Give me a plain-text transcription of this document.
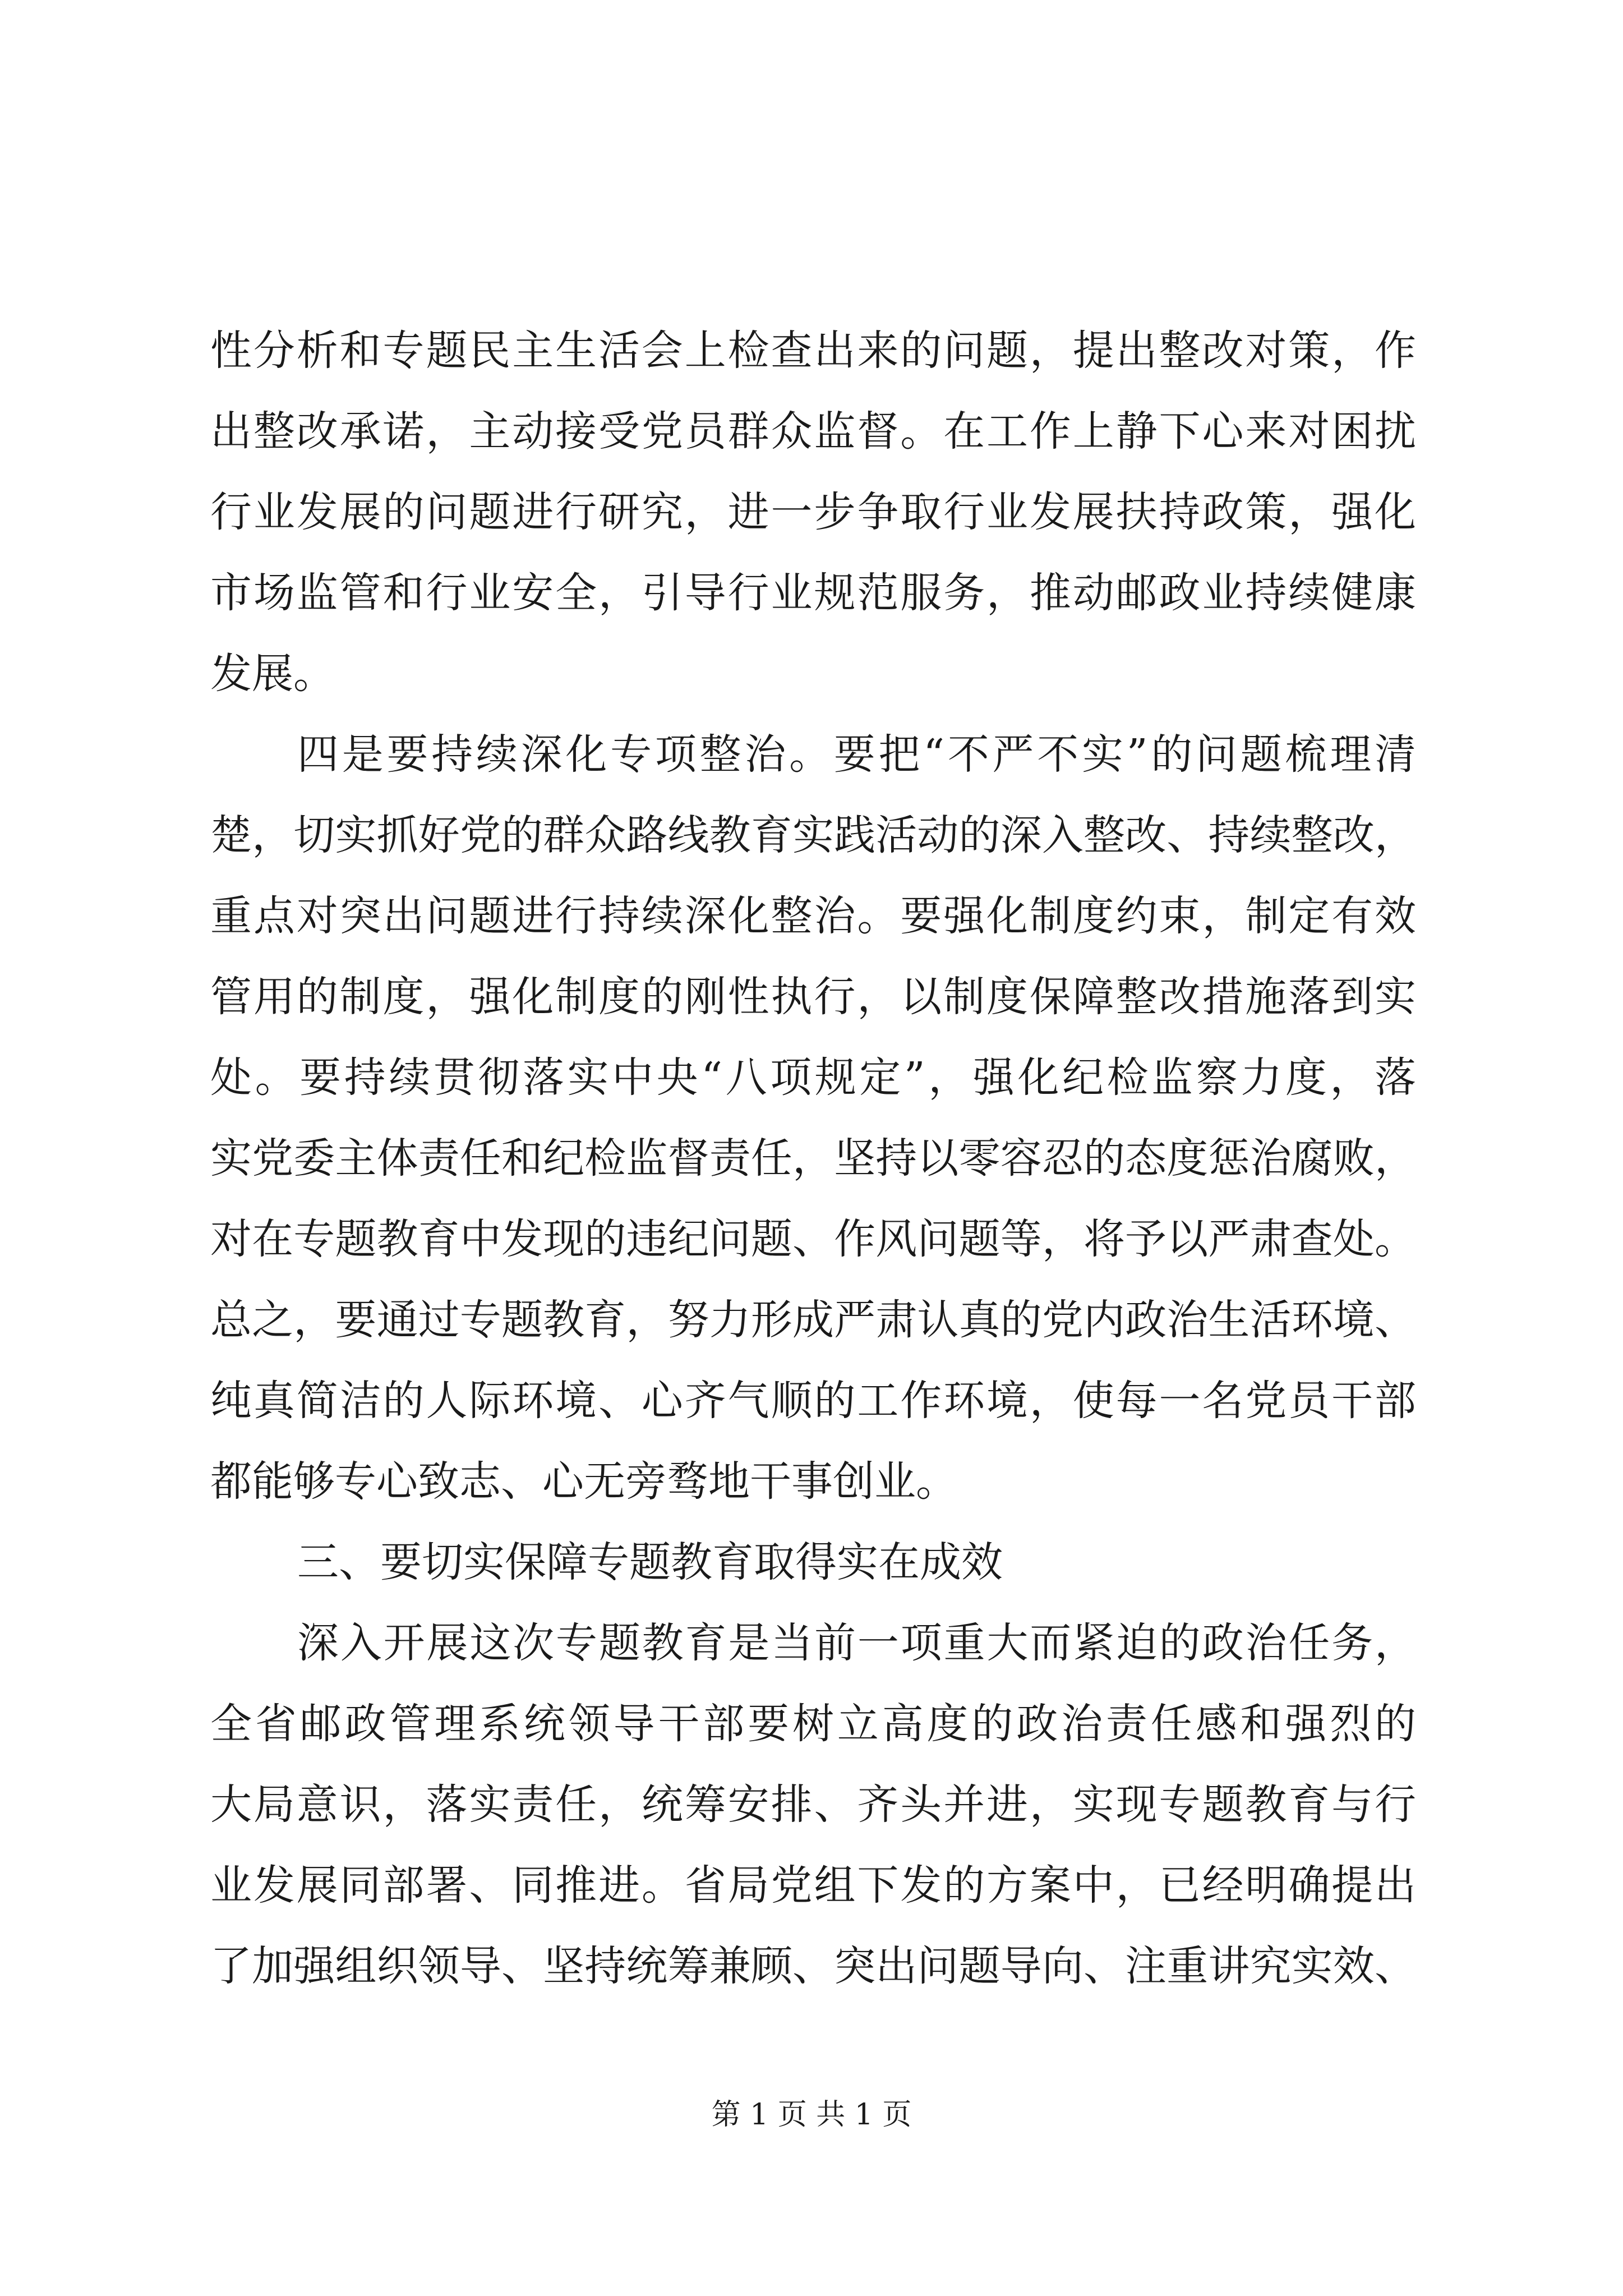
性分析和专题民主生活会上检查出来的问题，提出整改对策，作
出整改承诺，主动接受党员群众监督。在工作上静下心来对困扰
行业发展的问题进行研究，进一步争取行业发展扶持政策，强化
市场监管和行业安全，引导行业规范服务，推动邮政业持续健康
发展。
四是要持续深化专项整治。要把“不严不实”的问题梳理清
楚，切实抓好党的群众路线教育实践活动的深入整改、持续整改，
重点对突出问题进行持续深化整治。要强化制度约束，制定有效
管用的制度，强化制度的刚性执行，以制度保障整改措施落到实
处。要持续贯彻落实中央“八项规定”，强化纪检监察力度，落
实党委主体责任和纪检监督责任，坚持以零容忍的态度惩治腐败，
对在专题教育中发现的违纪问题、作风问题等，将予以严肃查处。
总之，要通过专题教育，努力形成严肃认真的党内政治生活环境、
纯真简洁的人际环境、心齐气顺的工作环境，使每一名党员干部
都能够专心致志、心无旁骛地干事创业。
三、要切实保障专题教育取得实在成效
深入开展这次专题教育是当前一项重大而紧迫的政治任务，
全省邮政管理系统领导干部要树立高度的政治责任感和强烈的
大局意识，落实责任，统筹安排、齐头并进，实现专题教育与行
业发展同部署、同推进。省局党组下发的方案中，已经明确提出
了加强组织领导、坚持统筹兼顾、突出问题导向、注重讲究实效、
第 1 页 共 1 页
